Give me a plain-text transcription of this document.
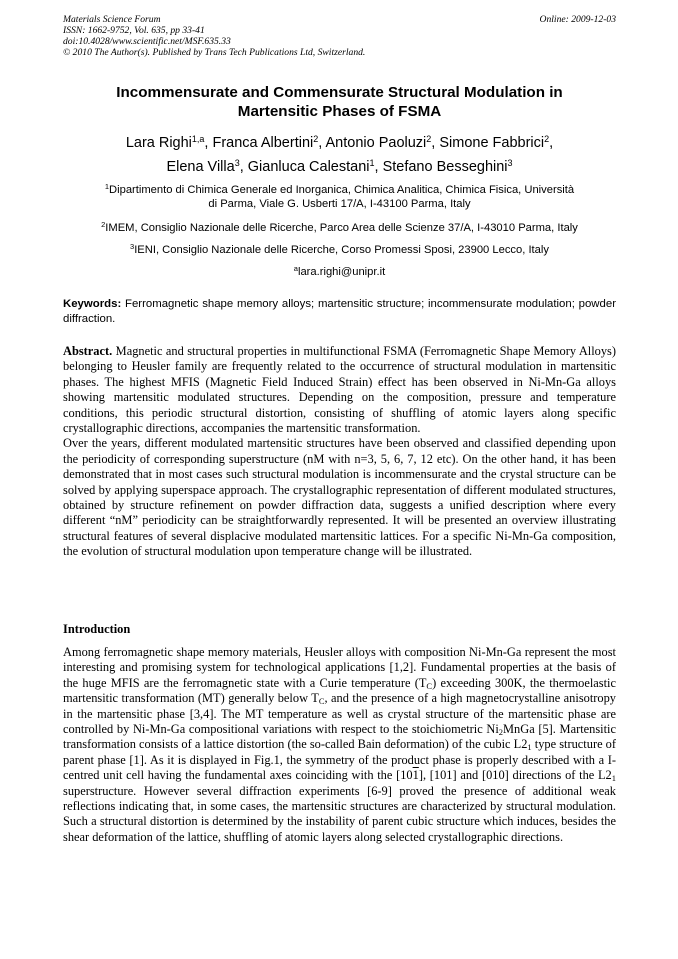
Materials Science Forum
ISSN: 1662-9752, Vol. 635, pp 33-41
doi:10.4028/www.scientific.net/MSF.635.33
© 2010 The Author(s). Published by Trans Tech Publications Ltd, Switzerland.
Online: 2009-12-03
Incommensurate and Commensurate Structural Modulation in
Martensitic Phases of FSMA
Lara Righi$^{1,a}$, Franca Albertini$^2$, Antonio Paoluzi$^2$, Simone Fabbrici$^2$,
Elena Villa$^3$, Gianluca Calestani$^1$, Stefano Besseghini$^3$
$^1$Dipartimento di Chimica Generale ed Inorganica, Chimica Analitica, Chimica Fisica, Università
di Parma, Viale G. Usberti 17/A, I-43100 Parma, Italy
$^2$IMEM, Consiglio Nazionale delle Ricerche, Parco Area delle Scienze 37/A, I-43010 Parma, Italy
$^3$IENI, Consiglio Nazionale delle Ricerche, Corso Promessi Sposi, 23900 Lecco, Italy
$^a$lara.righi@unipr.it
Keywords: Ferromagnetic shape memory alloys; martensitic structure; incommensurate modulation; powder diffraction.

Abstract. Magnetic and structural properties in multifunctional FSMA (Ferromagnetic Shape Memory Alloys) belonging to Heusler family are frequently related to the occurrence of structural modulation in martensitic phases. The highest MFIS (Magnetic Field Induced Strain) effect has been observed in Ni-Mn-Ga alloys showing martensitic modulated structures. Depending on the composition, pressure and temperature conditions, this periodic structural distortion, consisting of shuffling of atomic layers along specific crystallographic directions, accompanies the martensitic transformation.

Over the years, different modulated martensitic structures have been observed and classified depending upon the periodicity of corresponding superstructure (nM with n=3, 5, 6, 7, 12 etc). On the other hand, it has been demonstrated that in most cases such structural modulation is incommensurate and the crystal structure can be solved by applying superspace approach. The crystallographic representation of different modulated structures, obtained by structure refinement on powder diffraction data, suggests a unified description where every different “nM” periodicity can be straightforwardly represented. It will be presented an overview illustrating structural features of several displacive modulated martensitic lattices. For a specific Ni-Mn-Ga composition, the evolution of structural modulation upon temperature change will be illustrated.

Introduction
Among ferromagnetic shape memory materials, Heusler alloys with composition Ni-Mn-Ga represent the most interesting and promising system for technological applications [1,2]. Fundamental properties at the basis of the huge MFIS are the ferromagnetic state with a Curie temperature $(T_C)$ exceeding 300K, the thermoelastic martensitic transformation (MT) generally below $T_C$, and the presence of a high magnetocrystalline anisotropy in the martensitic phase [3,4]. The MT temperature as well as crystal structure of the martensitic phase are controlled by Ni-Mn-Ga compositional variations with respect to the stoichiometric $Ni_2MnGa$ [5]. Martensitic transformation consists of a lattice distortion (the so-called Bain deformation) of the cubic $L2_1$ type structure of parent phase [1]. As it is displayed in Fig.1, the symmetry of the product phase is properly described with a I-centred unit cell having the fundamental axes coinciding with the [101], [101] and [010] directions of the $L2_1$ superstructure. However several diffraction experiments [6-9] proved the presence of additional weak reflections indicating that, in some cases, the martensitic structures are characterized by structural modulation. Such a structural distortion is determined by the instability of parent cubic structure which induces, besides the shear deformation of the lattice, shuffling of atomic layers along selected crystallographic directions.
